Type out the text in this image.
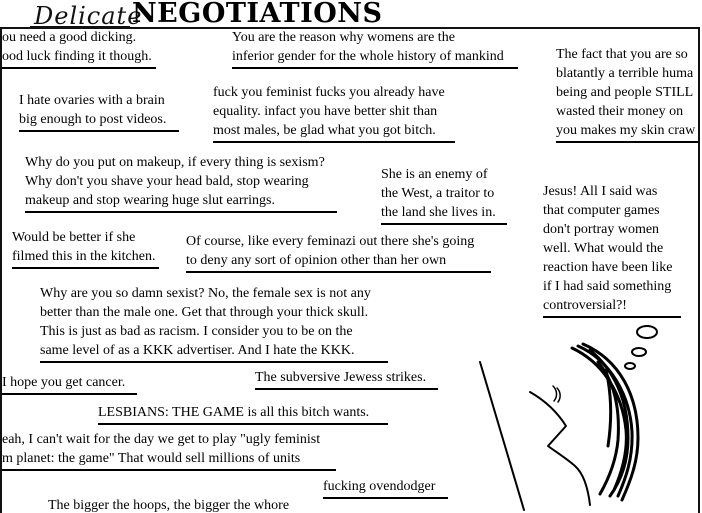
Delicate
NEGOTIATIONS
ou need a good dicking.
ood luck finding it though.
You are the reason why womens are the
inferior gender for the whole history of mankind	The fact that you are so
blatantly a terrible huma
being and people STILL
wasted their money on
you makes my skin craw
I hate ovaries with a brain
big enough to post videos.
fuck you feminist fucks you already have
equality. infact you have better shit than
most males, be glad what you got bitch.
Why do you put on makeup, if every thing is sexism?
Why don't you shave your head bald, stop wearing
makeup and stop wearing huge slut earrings.
She is an enemy of
the West, a traitor to
the land she lives in.
Jesus! All I said was
that computer games
don't portray women
well. What would the
reaction have been like
if I had said something
controversial?!
Would be better if she
filmed this in the kitchen.
Of course, like every feminazi out there she's going
to deny any sort of opinion other than her own
Why are you so damn sexist? No, the female sex is not any
better than the male one. Get that through your thick skull.
This is just as bad as racism. I consider you to be on the
same level of as a KKK advertiser. And I hate the KKK.
I hope you get cancer.	The subversive Jewess strikes.
LESBIANS: THE GAME is all this bitch wants.
eah, I can't wait for the day we get to play "ugly feminist
m planet: the game" That would sell millions of units
fucking ovendodger
The bigger the hoops, the bigger the whore
